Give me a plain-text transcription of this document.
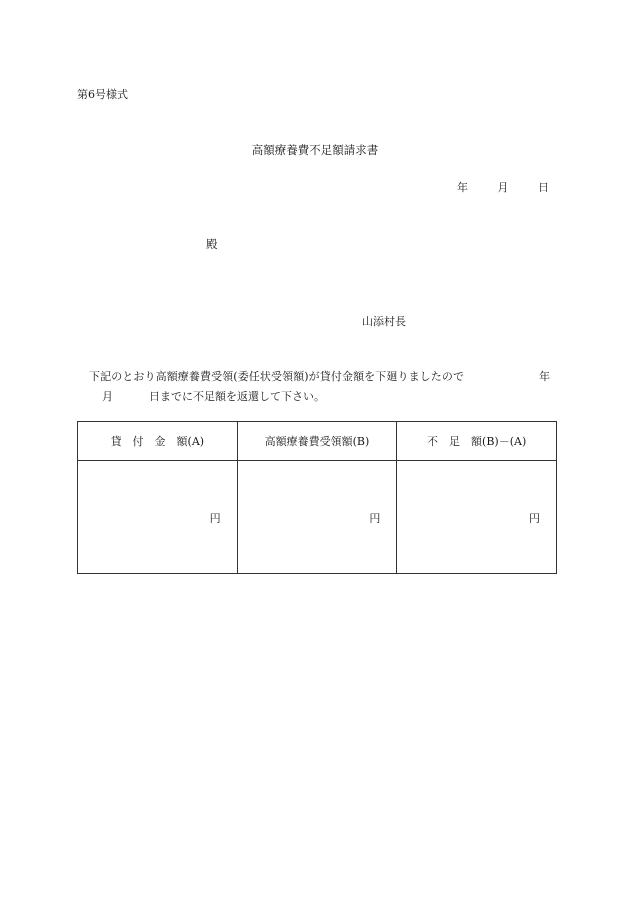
第6号様式
高額療養費不足額請求書
年	月	日
殿
山添村長
下記のとおり高額療養費受領(委任状受領額)が貸付金額を下廻りましたので	年
月	日までに不足額を返還して下さい。
貸　付　金　額(A)	高額療養費受領額(B)	不　足　額(B)－(A)
円	円	円
